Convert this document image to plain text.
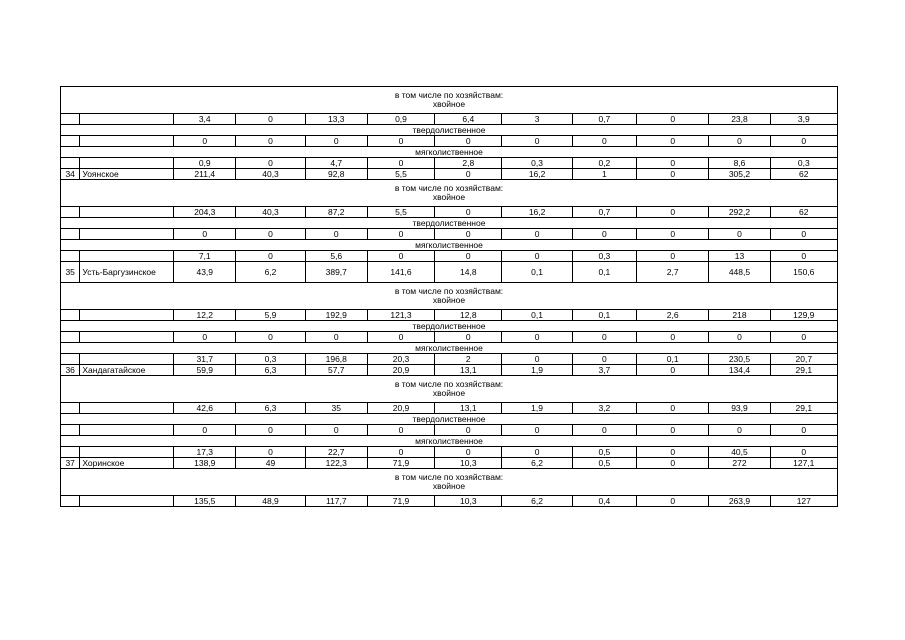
в том числе по хозяйствам:
хвойное											

		3,4	0	13,3	0,9	6,4	3	0,7	0	23,8	3,9
твердолиственное											
		0	0	0	0	0	0	0	0	0	0
мягколиственное											
		0,9	0	4,7	0	2,8	0,3	0,2	0	8,6	0,3
34	Уоянское	211,4	40,3	92,8	5,5	0	16,2	1	0	305,2	62

в том числе по хозяйствам:
хвойное											

		204,3	40,3	87,2	5,5	0	16,2	0,7	0	292,2	62
твердолиственное											
		0	0	0	0	0	0	0	0	0	0
мягколиственное											
		7,1	0	5,6	0	0	0	0,3	0	13	0
35	Усть-Баргузинское	43,9	6,2	389,7	141,6	14,8	0,1	0,1	2,7	448,5	150,6

в том числе по хозяйствам:
хвойное											

		12,2	5,9	192,9	121,3	12,8	0,1	0,1	2,6	218	129,9
твердолиственное											
		0	0	0	0	0	0	0	0	0	0
мягколиственное											
		31,7	0,3	196,8	20,3	2	0	0	0,1	230,5	20,7
36	Хандагатайское	59,9	6,3	57,7	20,9	13,1	1,9	3,7	0	134,4	29,1

в том числе по хозяйствам:
хвойное											

		42,6	6,3	35	20,9	13,1	1,9	3,2	0	93,9	29,1
твердолиственное											
		0	0	0	0	0	0	0	0	0	0
мягколиственное											
		17,3	0	22,7	0	0	0	0,5	0	40,5	0
37	Хоринское	138,9	49	122,3	71,9	10,3	6,2	0,5	0	272	127,1

в том числе по хозяйствам:
хвойное											

		135,5	48,9	117,7	71,9	10,3	6,2	0,4	0	263,9	127
